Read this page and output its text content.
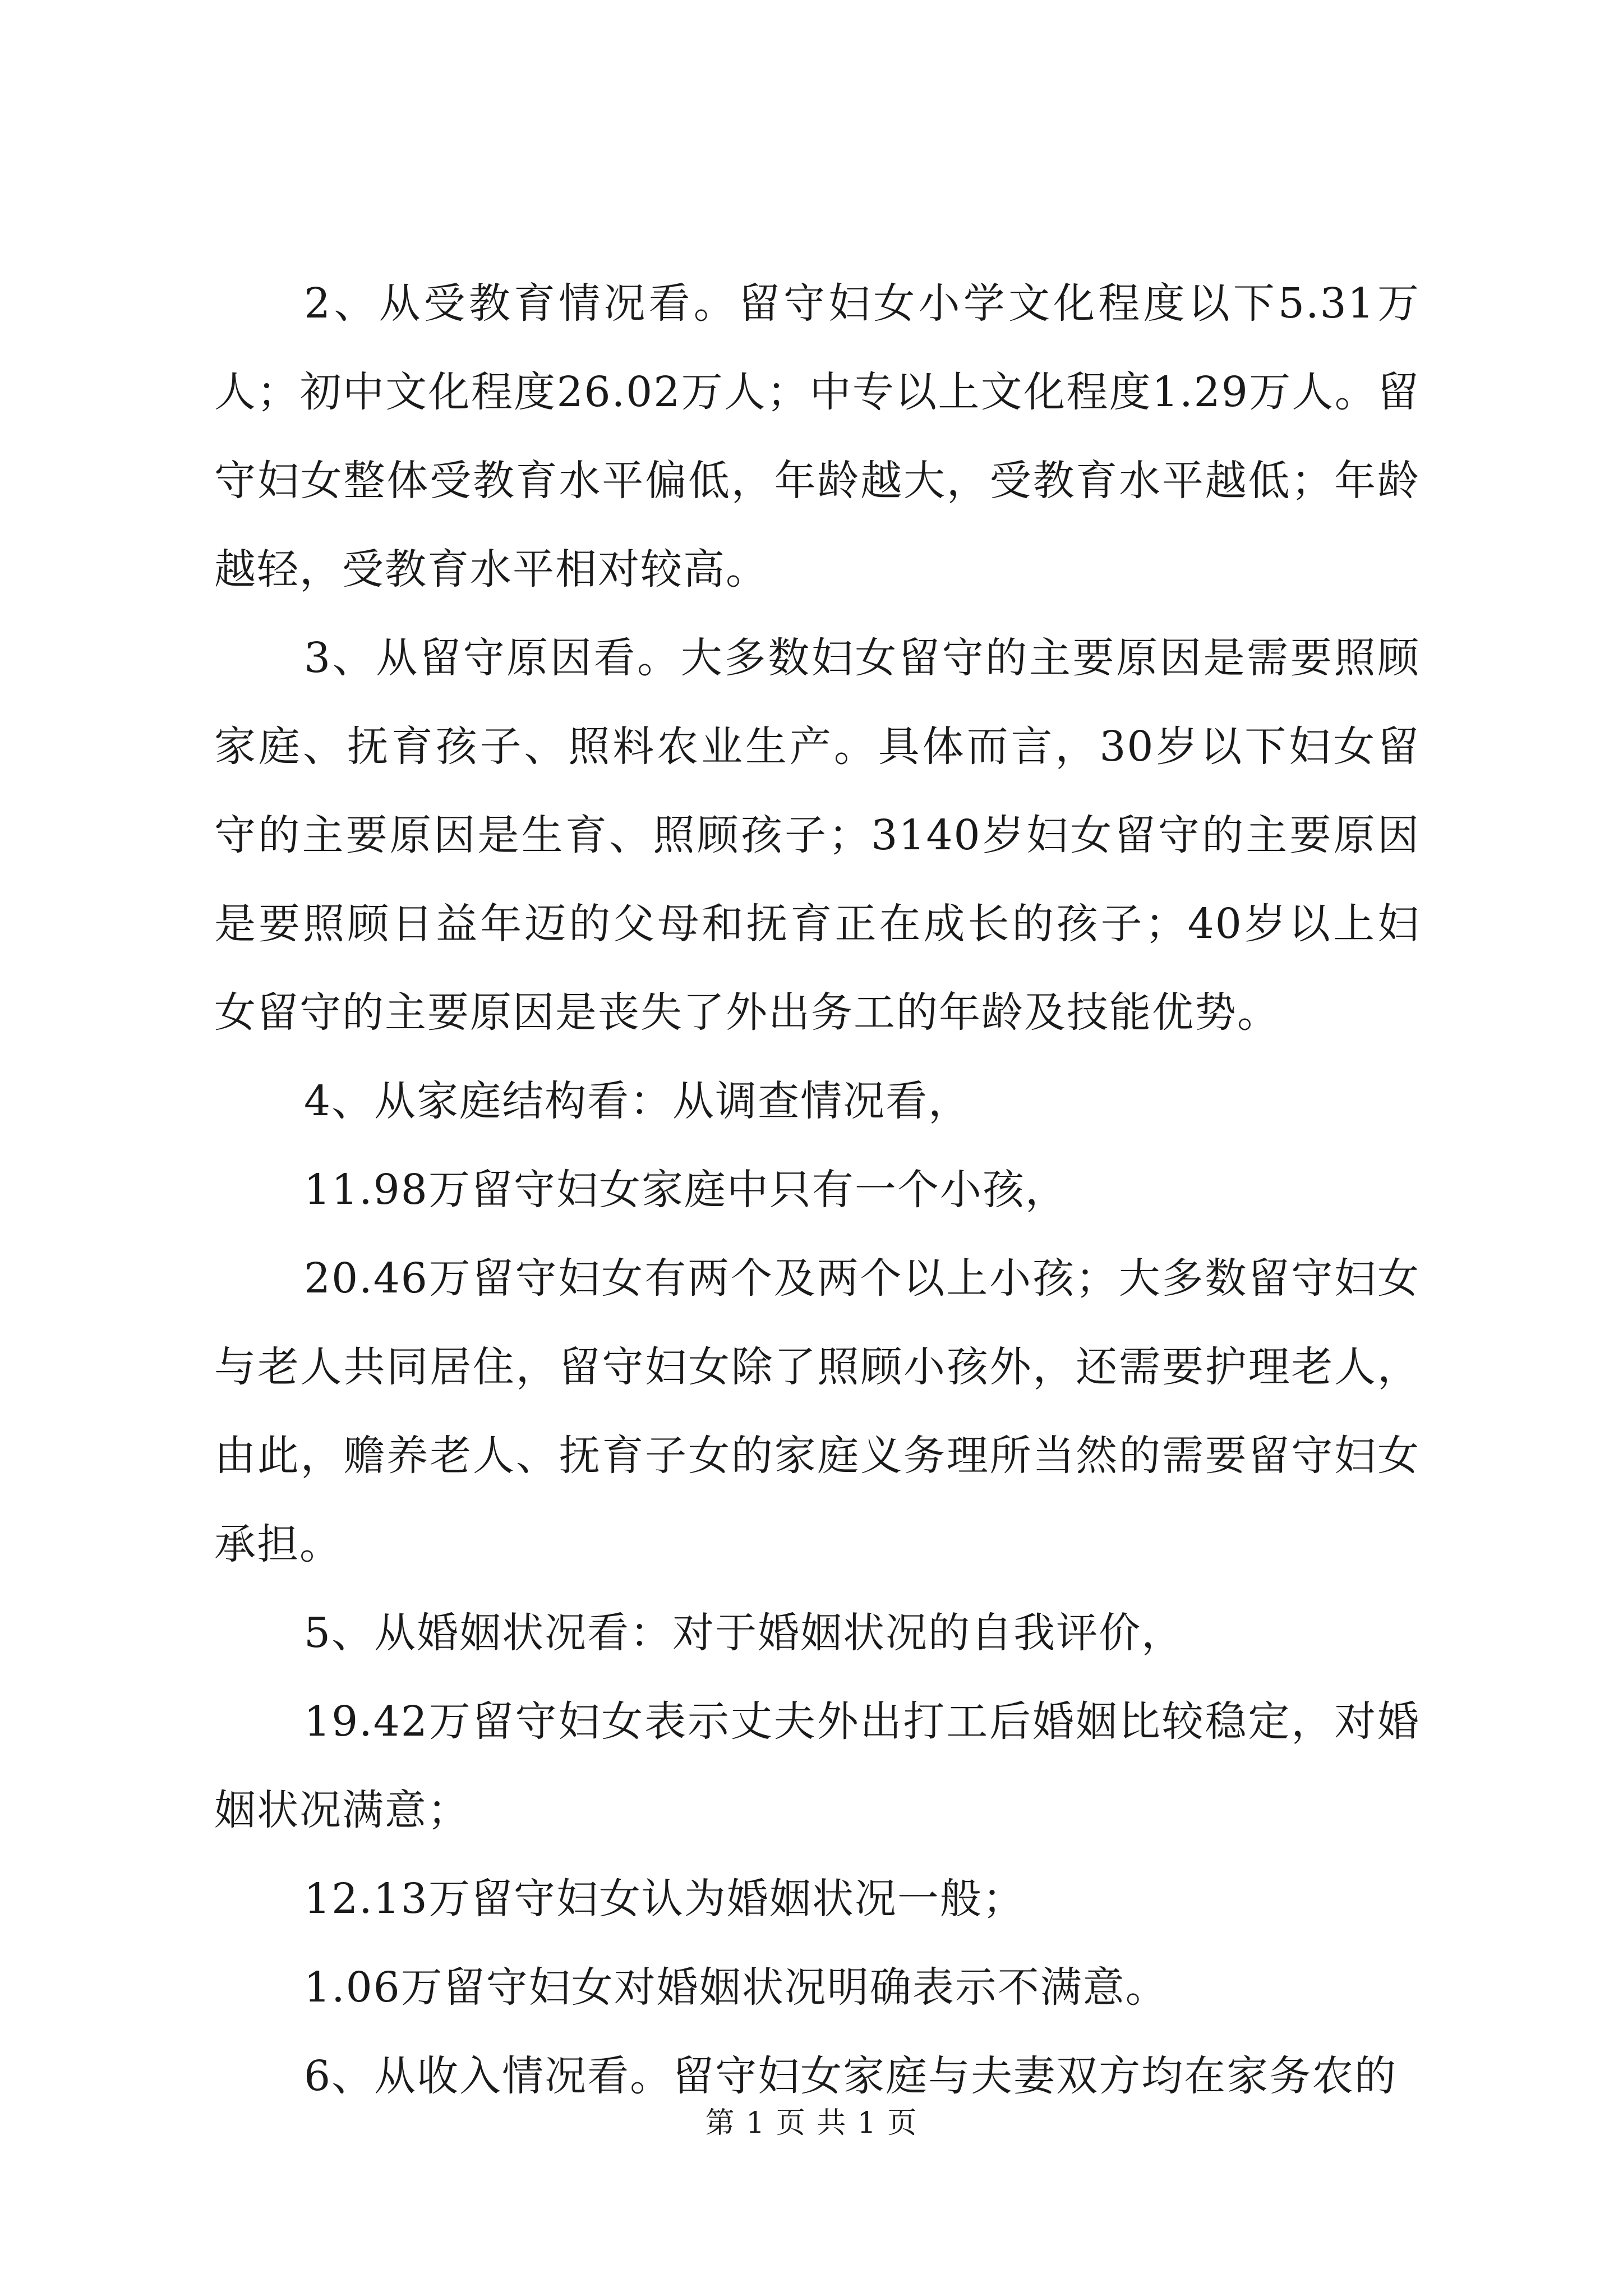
2、从受教育情况看。留守妇女小学文化程度以下5.31万人；初中文化程度26.02万人；中专以上文化程度1.29万人。留守妇女整体受教育水平偏低，年龄越大，受教育水平越低；年龄越轻，受教育水平相对较高。

3、从留守原因看。大多数妇女留守的主要原因是需要照顾家庭、抚育孩子、照料农业生产。具体而言，30岁以下妇女留守的主要原因是生育、照顾孩子；3140岁妇女留守的主要原因是要照顾日益年迈的父母和抚育正在成长的孩子；40岁以上妇女留守的主要原因是丧失了外出务工的年龄及技能优势。

4、从家庭结构看：从调查情况看，

11.98万留守妇女家庭中只有一个小孩，

20.46万留守妇女有两个及两个以上小孩；大多数留守妇女与老人共同居住，留守妇女除了照顾小孩外，还需要护理老人，由此，赡养老人、抚育子女的家庭义务理所当然的需要留守妇女承担。

5、从婚姻状况看：对于婚姻状况的自我评价，

19.42万留守妇女表示丈夫外出打工后婚姻比较稳定，对婚姻状况满意；

12.13万留守妇女认为婚姻状况一般；

1.06万留守妇女对婚姻状况明确表示不满意。

6、从收入情况看。留守妇女家庭与夫妻双方均在家务农的

第 1 页 共 1 页
